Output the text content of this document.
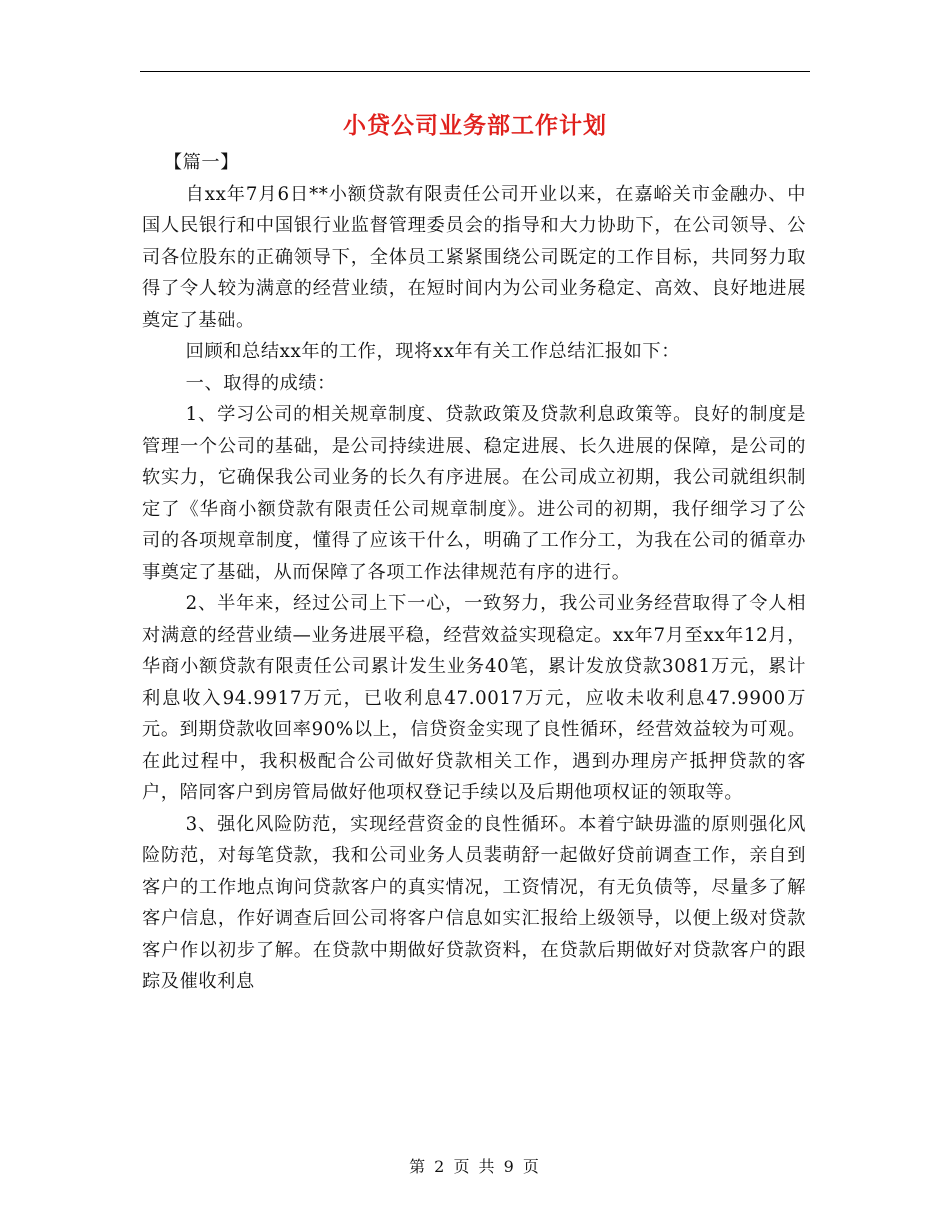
小贷公司业务部工作计划

【篇一】

自xx年7月6日**小额贷款有限责任公司开业以来，在嘉峪关市金融办、中国人民银行和中国银行业监督管理委员会的指导和大力协助下，在公司领导、公司各位股东的正确领导下，全体员工紧紧围绕公司既定的工作目标，共同努力取得了令人较为满意的经营业绩，在短时间内为公司业务稳定、高效、良好地进展奠定了基础。

回顾和总结xx年的工作，现将xx年有关工作总结汇报如下：

一、取得的成绩：

1、学习公司的相关规章制度、贷款政策及贷款利息政策等。良好的制度是管理一个公司的基础，是公司持续进展、稳定进展、长久进展的保障，是公司的软实力，它确保我公司业务的长久有序进展。在公司成立初期，我公司就组织制定了《华商小额贷款有限责任公司规章制度》。进公司的初期，我仔细学习了公司的各项规章制度，懂得了应该干什么，明确了工作分工，为我在公司的循章办事奠定了基础，从而保障了各项工作法律规范有序的进行。

2、半年来，经过公司上下一心，一致努力，我公司业务经营取得了令人相对满意的经营业绩—业务进展平稳，经营效益实现稳定。xx年7月至xx年12月，华商小额贷款有限责任公司累计发生业务40笔，累计发放贷款3081万元，累计利息收入94.9917万元，已收利息47.0017万元，应收未收利息47.9900万元。到期贷款收回率90%以上，信贷资金实现了良性循环，经营效益较为可观。在此过程中，我积极配合公司做好贷款相关工作，遇到办理房产抵押贷款的客户，陪同客户到房管局做好他项权登记手续以及后期他项权证的领取等。

3、强化风险防范，实现经营资金的良性循环。本着宁缺毋滥的原则强化风险防范，对每笔贷款，我和公司业务人员裴萌舒一起做好贷前调查工作，亲自到客户的工作地点询问贷款客户的真实情况，工资情况，有无负债等，尽量多了解客户信息，作好调查后回公司将客户信息如实汇报给上级领导，以便上级对贷款客户作以初步了解。在贷款中期做好贷款资料，在贷款后期做好对贷款客户的跟踪及催收利息

第 2 页 共 9 页
